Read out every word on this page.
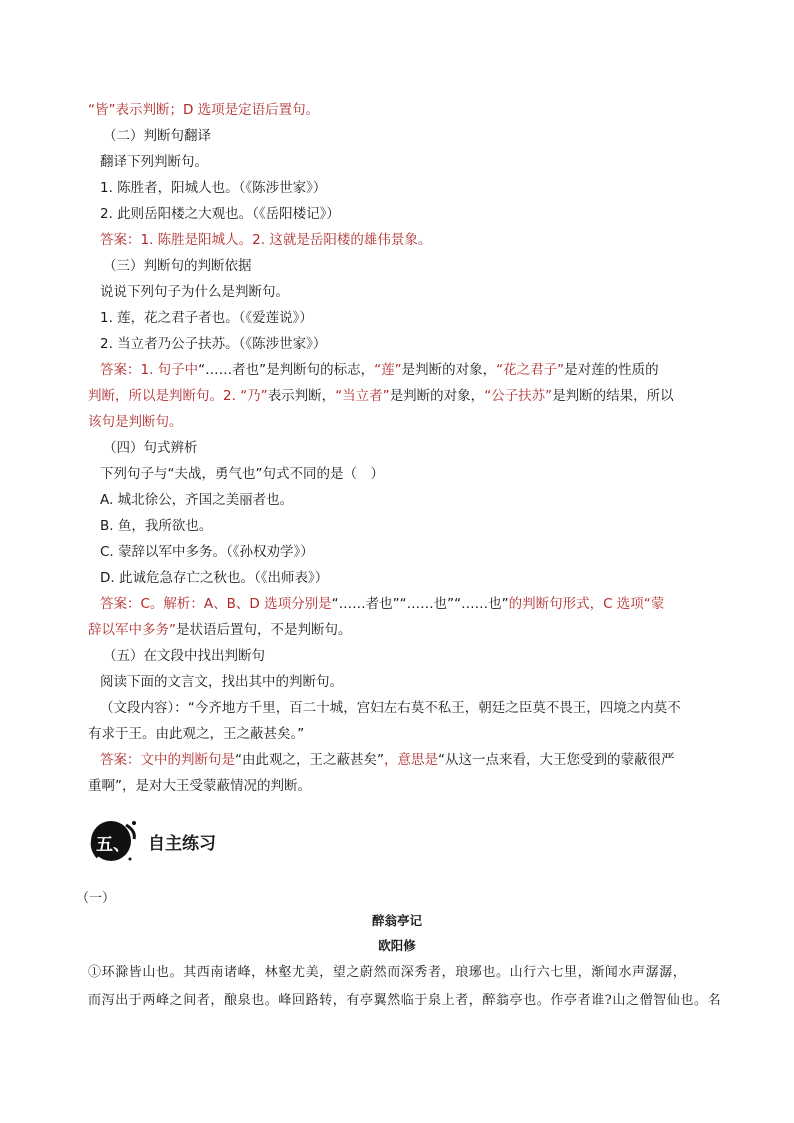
“皆”表示判断；D 选项是定语后置句。
（二）判断句翻译
翻译下列判断句。
1. 陈胜者，阳城人也。（《陈涉世家》）
2. 此则岳阳楼之大观也。（《岳阳楼记》）
答案：1. 陈胜是阳城人。2. 这就是岳阳楼的雄伟景象。
（三）判断句的判断依据
说说下列句子为什么是判断句。
1. 莲，花之君子者也。（《爱莲说》）
2. 当立者乃公子扶苏。（《陈涉世家》）
答案：1. 句子中“……者也”是判断句的标志，“莲”是判断的对象，“花之君子”是对莲的性质的
判断，所以是判断句。2. “乃”表示判断，“当立者”是判断的对象，“公子扶苏”是判断的结果，所以
该句是判断句。
（四）句式辨析
下列句子与“夫战，勇气也”句式不同的是（　）
A. 城北徐公，齐国之美丽者也。
B. 鱼，我所欲也。
C. 蒙辞以军中多务。（《孙权劝学》）
D. 此诚危急存亡之秋也。（《出师表》）
答案：C。解析：A、B、D 选项分别是“……者也”“……也”“……也”的判断句形式，C 选项“蒙
辞以军中多务”是状语后置句，不是判断句。
（五）在文段中找出判断句
阅读下面的文言文，找出其中的判断句。
（文段内容）：“今齐地方千里，百二十城，宫妇左右莫不私王，朝廷之臣莫不畏王，四境之内莫不
有求于王。由此观之，王之蔽甚矣。”
答案：文中的判断句是“由此观之，王之蔽甚矣”，意思是“从这一点来看，大王您受到的蒙蔽很严
重啊”，是对大王受蒙蔽情况的判断。
五、 自主练习
（一）
醉翁亭记
欧阳修
①环滁皆山也。其西南诸峰，林壑尤美，望之蔚然而深秀者，琅琊也。山行六七里，渐闻水声潺潺，
而泻出于两峰之间者，酿泉也。峰回路转，有亭翼然临于泉上者，醉翁亭也。作亭者谁?山之僧智仙也。名
